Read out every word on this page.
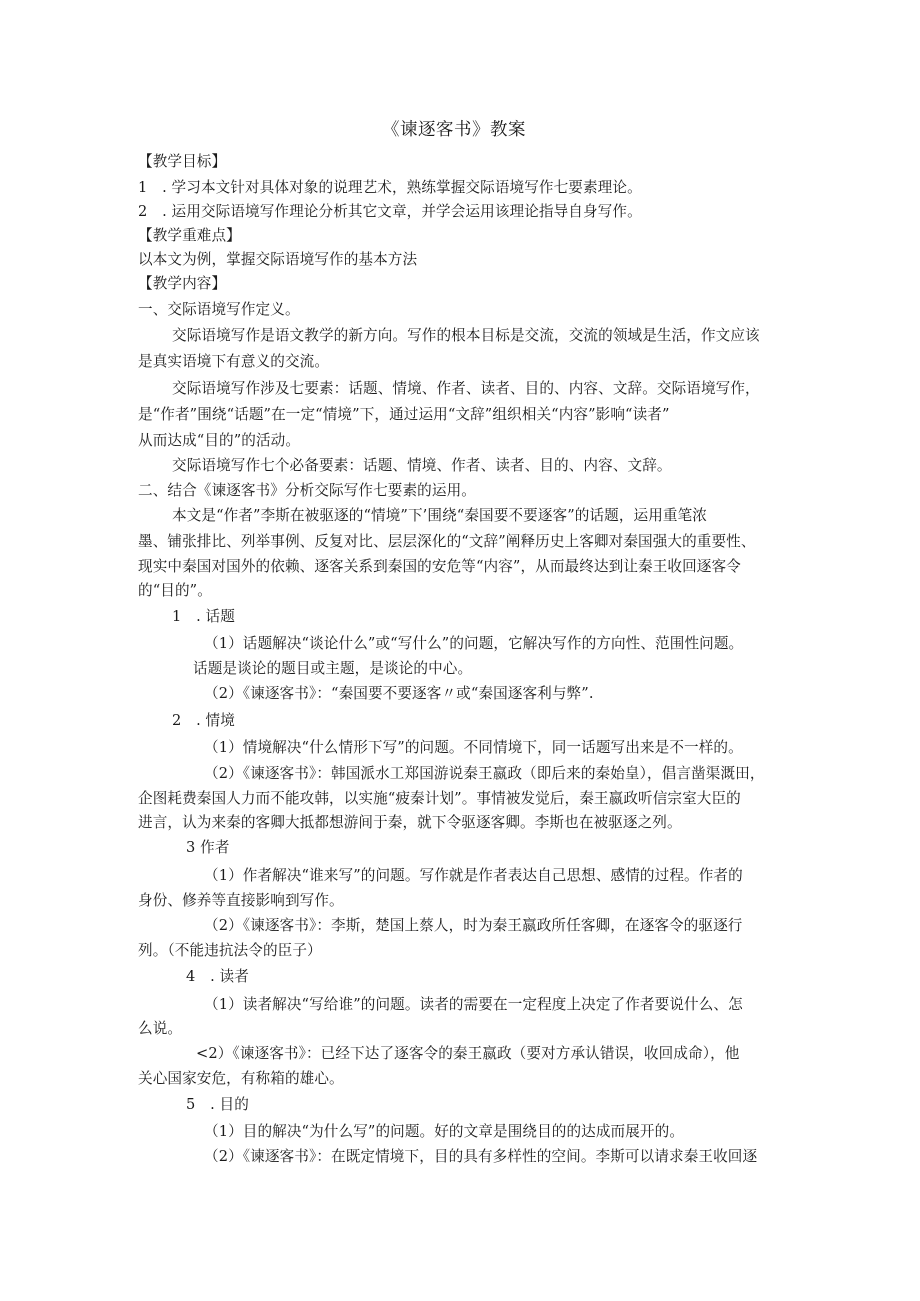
《谏逐客书》教案
【教学目标】
1　. 学习本文针对具体对象的说理艺术，熟练掌握交际语境写作七要素理论。
2　. 运用交际语境写作理论分析其它文章，并学会运用该理论指导自身写作。
【教学重难点】
以本文为例，掌握交际语境写作的基本方法
【教学内容】
一、交际语境写作定义。
交际语境写作是语文教学的新方向。写作的根本目标是交流，交流的领域是生活，作文应该
是真实语境下有意义的交流。
交际语境写作涉及七要素：话题、情境、作者、读者、目的、内容、文辞。交际语境写作，
是“作者”围绕“话题”在一定“情境”下，通过运用“文辞”组织相关“内容”影响“读者”
从而达成“目的”的活动。
交际语境写作七个必备要素：话题、情境、作者、读者、目的、内容、文辞。
二、结合《谏逐客书》分析交际写作七要素的运用。
本文是“作者”李斯在被驱逐的“情境”下’围绕“秦国要不要逐客”的话题，运用重笔浓
墨、铺张排比、列举事例、反复对比、层层深化的“文辞”阐释历史上客卿对秦国强大的重要性、
现实中秦国对国外的依赖、逐客关系到秦国的安危等“内容”，从而最终达到让秦王收回逐客令
的“目的”。
1　. 话题
（1）话题解决“谈论什么”或“写什么”的问题，它解决写作的方向性、范围性问题。
话题是谈论的题目或主题，是谈论的中心。
（2）《谏逐客书》：“秦国要不要逐客〃或“秦国逐客利与弊”.
2　. 情境
（1）情境解决“什么情形下写”的问题。不同情境下，同一话题写出来是不一样的。
（2）《谏逐客书》：韩国派水工郑国游说秦王嬴政（即后来的秦始皇），倡言凿渠溉田，
企图耗费秦国人力而不能攻韩，以实施“疲秦计划”。事情被发觉后，秦王嬴政听信宗室大臣的
进言，认为来秦的客卿大抵都想游间于秦，就下令驱逐客卿。李斯也在被驱逐之列。
3 作者
（1）作者解决“谁来写”的问题。写作就是作者表达自己思想、感情的过程。作者的
身份、修养等直接影响到写作。
（2）《谏逐客书》：李斯，楚国上蔡人，时为秦王嬴政所任客卿，在逐客令的驱逐行
列。（不能违抗法令的臣子）
4　. 读者
（1）读者解决“写给谁”的问题。读者的需要在一定程度上决定了作者要说什么、怎
么说。
<2）《谏逐客书》：已经下达了逐客令的秦王嬴政（要对方承认错误，收回成命），他
关心国家安危，有称箱的雄心。
5　. 目的
（1）目的解决“为什么写”的问题。好的文章是围绕目的的达成而展开的。
（2）《谏逐客书》：在既定情境下，目的具有多样性的空间。李斯可以请求秦王收回逐
